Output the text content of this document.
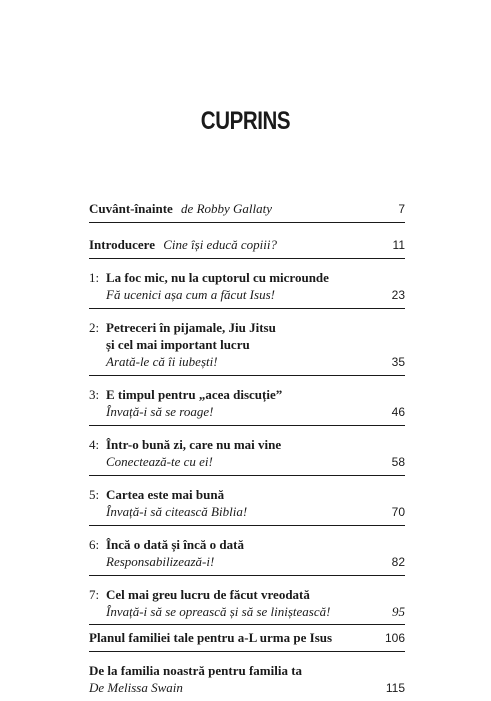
CUPRINS
Cuvânt-înainte de Robby Gallaty	7
Introducere Cine își educă copiii?	11
1: La foc mic, nu la cuptorul cu microunde
Fă ucenici așa cum a făcut Isus!	23
2: Petreceri în pijamale, Jiu Jitsu
și cel mai important lucru
Arată-le că îi iubești!	35
3: E timpul pentru „acea discuție”
Învață-i să se roage!	46
4: Într-o bună zi, care nu mai vine
Conectează-te cu ei!	58
5: Cartea este mai bună
Învață-i să citească Biblia!	70
6: Încă o dată și încă o dată
Responsabilizează-i!	82
7: Cel mai greu lucru de făcut vreodată
Învață-i să se oprească și să se liniștească!	95
Planul familiei tale pentru a-L urma pe Isus	106
De la familia noastră pentru familia ta
De Melissa Swain	115
